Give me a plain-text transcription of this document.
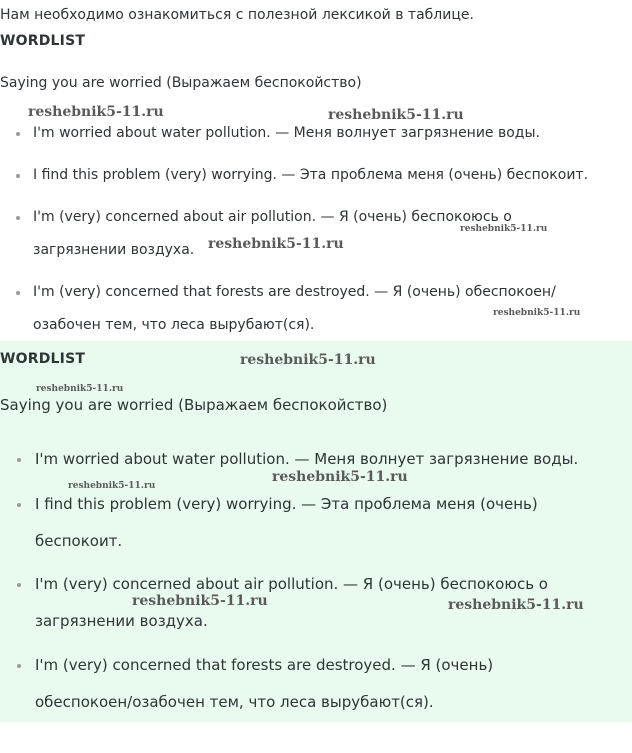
Нам необходимо ознакомиться с полезной лексикой в таблице.
WORDLIST
Saying you are worried (Выражаем беспокойство)
I'm worried about water pollution. — Меня волнует загрязнение воды.
I find this problem (very) worrying. — Эта проблема меня (очень) беспокоит.
I'm (very) concerned about air pollution. — Я (очень) беспокоюсь о загрязнении воздуха.
I'm (very) concerned that forests are destroyed. — Я (очень) обеспокоен/ озабочен тем, что леса вырубают(ся).
WORDLIST
Saying you are worried (Выражаем беспокойство)
I'm worried about water pollution. — Меня волнует загрязнение воды.
I find this problem (very) worrying. — Эта проблема меня (очень) беспокоит.
I'm (very) concerned about air pollution. — Я (очень) беспокоюсь о загрязнении воздуха.
I'm (very) concerned that forests are destroyed. — Я (очень) обеспокоен/озабочен тем, что леса вырубают(ся).
reshebnik5-11.ru	reshebnik5-11.ru
reshebnik5-11.ru
reshebnik5-11.ru
reshebnik5-11.ru
reshebnik5-11.ru
reshebnik5-11.ru
reshebnik5-11.ru
reshebnik5-11.ru
reshebnik5-11.ru	reshebnik5-11.ru
